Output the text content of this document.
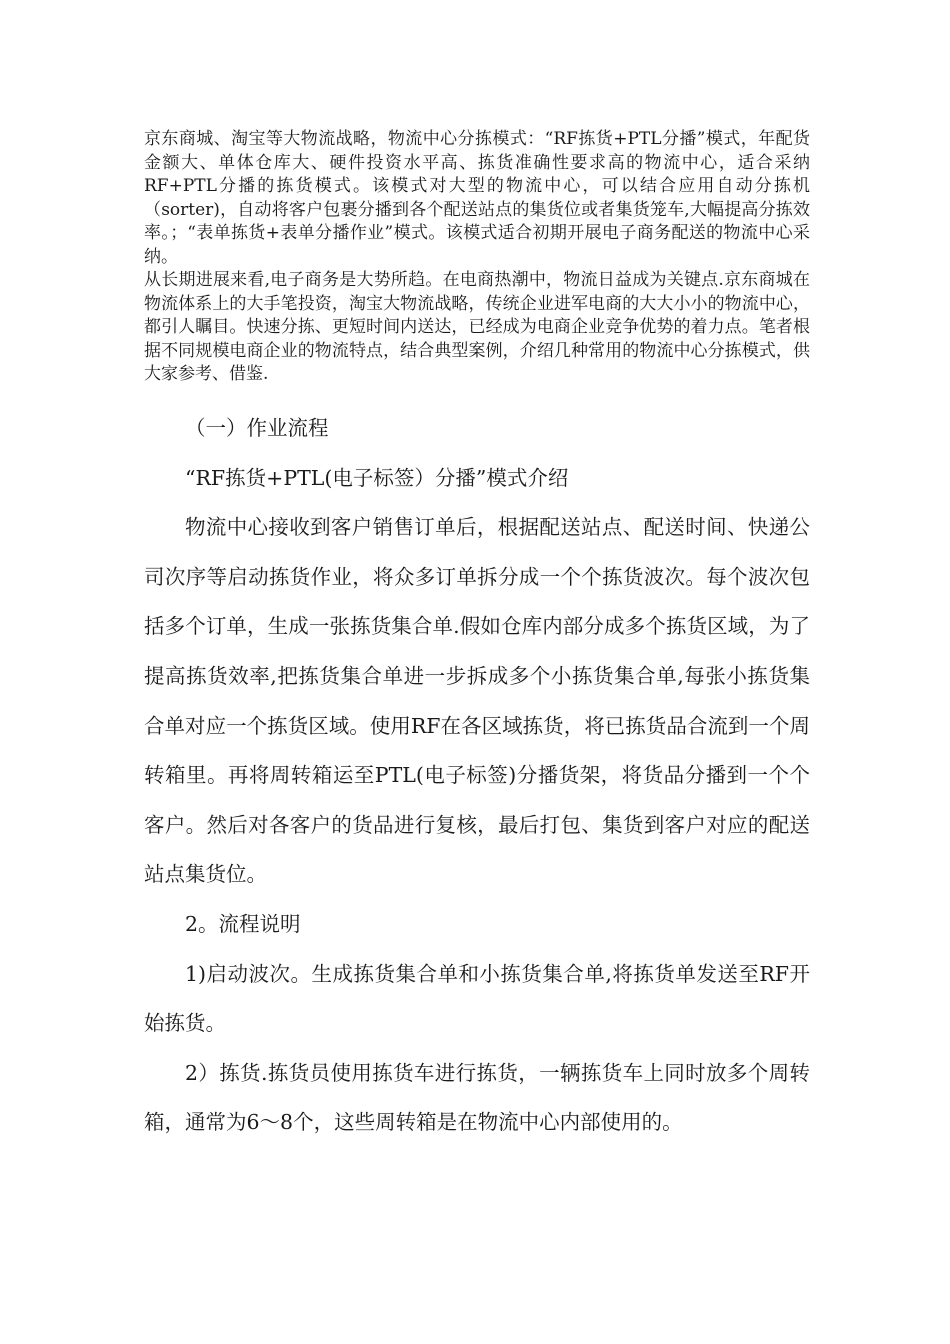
京东商城、淘宝等大物流战略，物流中心分拣模式：“RF拣货+PTL分播”模式，年配货金额大、单体仓库大、硬件投资水平高、拣货准确性要求高的物流中心，适合采纳RF+PTL分播的拣货模式。该模式对大型的物流中心，可以结合应用自动分拣机（sorter)，自动将客户包裹分播到各个配送站点的集货位或者集货笼车,大幅提高分拣效率。；“表单拣货+表单分播作业”模式。该模式适合初期开展电子商务配送的物流中心采纳。

从长期进展来看,电子商务是大势所趋。在电商热潮中，物流日益成为关键点.京东商城在物流体系上的大手笔投资，淘宝大物流战略，传统企业进军电商的大大小小的物流中心，都引人瞩目。快速分拣、更短时间内送达，已经成为电商企业竞争优势的着力点。笔者根据不同规模电商企业的物流特点，结合典型案例，介绍几种常用的物流中心分拣模式，供大家参考、借鉴.

（一）作业流程

“RF拣货+PTL(电子标签）分播”模式介绍

物流中心接收到客户销售订单后，根据配送站点、配送时间、快递公司次序等启动拣货作业，将众多订单拆分成一个个拣货波次。每个波次包括多个订单，生成一张拣货集合单.假如仓库内部分成多个拣货区域，为了提高拣货效率,把拣货集合单进一步拆成多个小拣货集合单,每张小拣货集合单对应一个拣货区域。使用RF在各区域拣货，将已拣货品合流到一个周转箱里。再将周转箱运至PTL(电子标签)分播货架，将货品分播到一个个客户。然后对各客户的货品进行复核，最后打包、集货到客户对应的配送站点集货位。

2。流程说明

1)启动波次。生成拣货集合单和小拣货集合单,将拣货单发送至RF开始拣货。

2）拣货.拣货员使用拣货车进行拣货，一辆拣货车上同时放多个周转箱，通常为6～8个，这些周转箱是在物流中心内部使用的。
